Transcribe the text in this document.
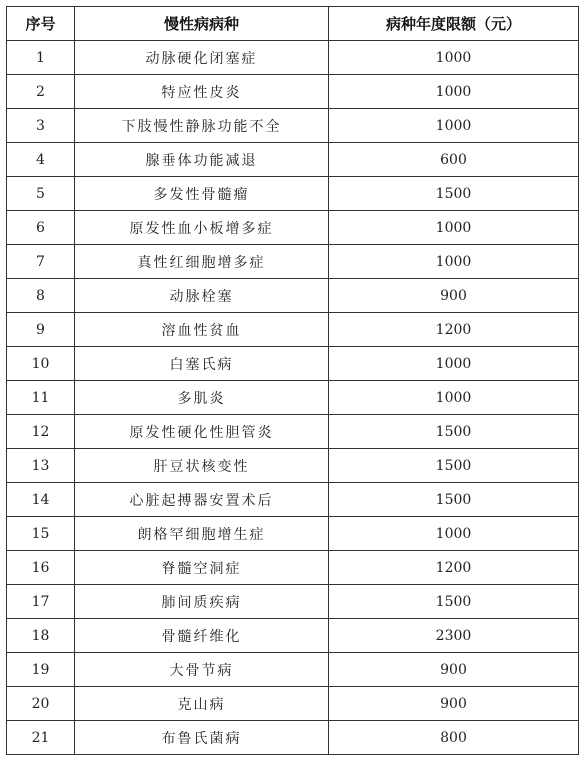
序号	慢性病病种	病种年度限额（元）
1	动脉硬化闭塞症	1000
2	特应性皮炎	1000
3	下肢慢性静脉功能不全	1000
4	腺垂体功能减退	600
5	多发性骨髓瘤	1500
6	原发性血小板增多症	1000
7	真性红细胞增多症	1000
8	动脉栓塞	900
9	溶血性贫血	1200
10	白塞氏病	1000
11	多肌炎	1000
12	原发性硬化性胆管炎	1500
13	肝豆状核变性	1500
14	心脏起搏器安置术后	1500
15	朗格罕细胞增生症	1000
16	脊髓空洞症	1200
17	肺间质疾病	1500
18	骨髓纤维化	2300
19	大骨节病	900
20	克山病	900
21	布鲁氏菌病	800
